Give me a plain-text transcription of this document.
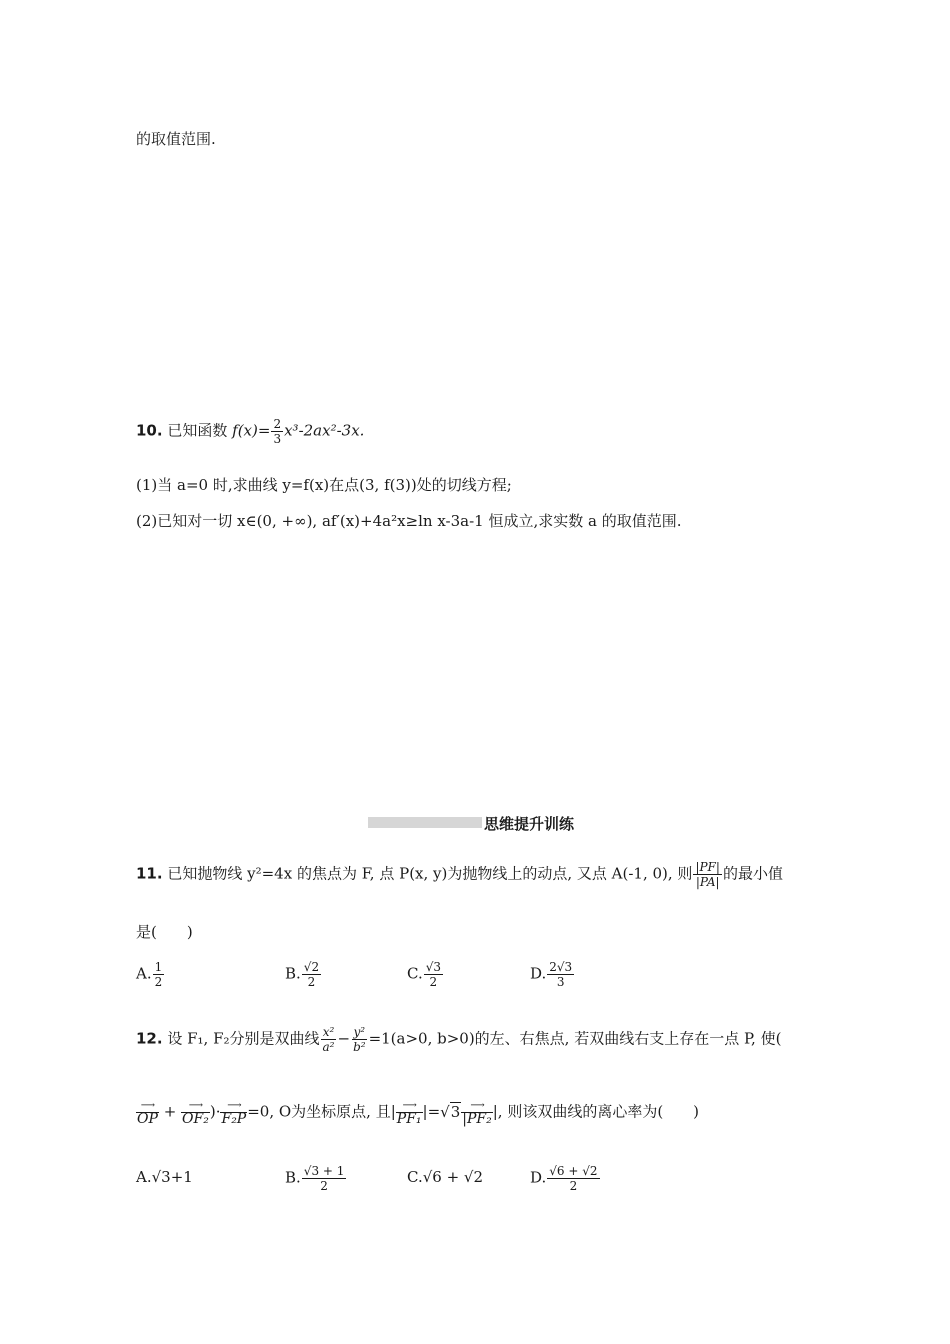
的取值范围.
10. 已知函数 $f(x)= \frac{2}{3} x^3-2ax^2-3x$.
(1)当 a=0 时,求曲线 y=f(x)在点(3, f(3))处的切线方程;
(2)已知对一切 x∈(0, +∞), af′(x)+4a²x≥ln x-3a-1 恒成立,求实数 a 的取值范围.
思维提升训练
11. 已知抛物线 y²=4x 的焦点为 F, 点 P(x, y)为抛物线上的动点, 又点 A(-1, 0), 则 $\frac{|PF|}{|PA|}$ 的最小值
是(　　)
A. $\frac{1}{2}$	B. $\frac{√2}{2}$	C. $\frac{√3}{2}$	D. $\frac{2√3}{3}$
12. 设 F₁, F₂分别是双曲线 $\frac{\text{x²}}{\text{a²}} - \frac{\text{y²}}{\text{b²}} =1(a>0$, b>0)的左、右焦点, 若双曲线右支上存在一点 P, 使(
⟶
OP + ⟶
OF₂ )· ⟶
F₂P =0, O为坐标原点, 且| ⟶
PF₁ |=√3 ⟶
|PF₂ |, 则该双曲线的离心率为(　　)
A.√3+1	B. $\frac{√3 + 1}{2}$	C.√6 + √2	D. $\frac{√6 + √2}{2}$
